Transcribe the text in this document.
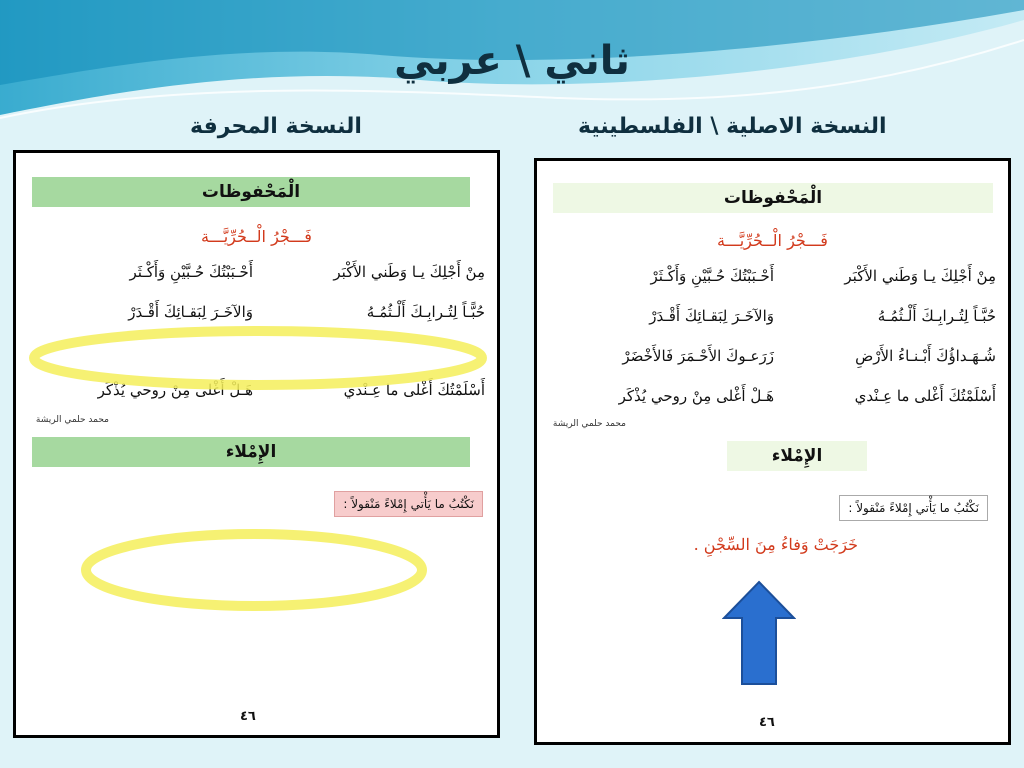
ثاني \ عربي
النسخة المحرفة	النسخة الاصلية \ الفلسطينية
الْمَحْفوظات
فَـــجْرُ الْــحُرِّيَّـــة
مِنْ أَجْلِكَ يـا وَطَني الأَكْبَر
أَحْـبَبْتُكَ حُـبَّيْنِ وَأَكْـثَر
حُبًّـاً لِتُـرابِـكَ أَلْـثُمُـهُ
وَالآخَـرَ لِبَقـائِكَ أَقْـدَرْ
أَسْلَمْتُكَ أَغْلى ما عِـنْدي
هَـلْ أَغْلى مِنْ روحي يُذْكَر
محمد حلمي الريشة
الإِمْلاء
نَكْتُبُ ما يَأْتي إِمْلاءً مَنْقولاً :
٤٦
الْمَحْفوظات
فَـــجْرُ الْــحُرِّيَّـــة
مِنْ أَجْلِكَ يـا وَطَني الأَكْبَر
أَحْـبَبْتُكَ حُـبَّيْنِ وَأَكْـثَرْ
حُبَّـاً لِتُـرابِـكَ أَلْـثُمُـهُ
وَالآخَـرَ لِبَقـائِكَ أَقْـدَرْ
شُـهَـداؤُكَ أَبْـنـاءُ الأَرْضِ
زَرَعـوكَ الأَحْـمَرَ فَالأَخْضَرْ
أَسْلَمْتُكَ أَغْلى ما عِـنْدي
هَـلْ أَغْلى مِنْ روحي يُذْكَر
محمد حلمي الريشة
الإِمْلاء
نَكْتُبُ ما يَأْتي إِمْلاءً مَنْقولاً :
خَرَجَتْ وَفاءُ مِنَ السِّجْنِ .
٤٦
